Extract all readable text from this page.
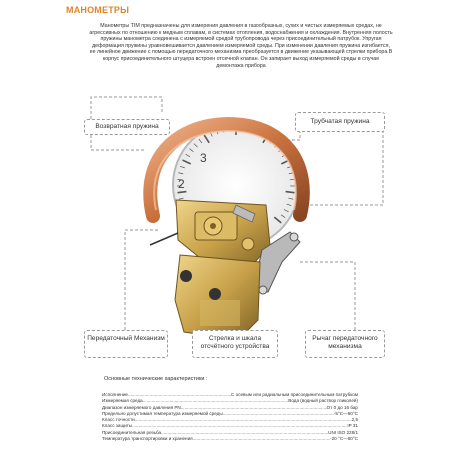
МАНОМЕТРЫ
Манометры TIM предназначены для измерения давления в газообразных, сухих и чистых измеряемых средах, не агрессивных по отношению к медным сплавам, в системах отопления, водоснабжения и охлаждения. Внутренняя полость пружины манометра соединена с измеряемой средой трубопровода через присоединительный патрубок. Упругая деформация пружины уравновешивается давлением измеряемой среды. При изменении давления пружина изгибается, ее линейное движение с помощью передаточного механизма преобразуется в движение указывающей стрелки прибора.В корпус присоединительного штуцера встроен отсечной клапан. Он запирает выход измеряемой среды в случае демонтажа прибора
2
3
Возвратная пружина
Трубчатая пружина
Передаточный Механизм	Стрелка и шкала отсчётного устройства
Рычаг передаточного механизма
Основные технические характеристики :
Исполнение .....	С осевым или радиальным присоединительным патрубком
Измеряемая среда .....	Вода (водный раствор гликолей)
Диапазон измеряемого давления PN .....	От 0 до 16 бар
Предельно допустимая температура измеряемой среды .....	-5°C—60°C
Класс точности .....	2,5
Класс защиты .....	IP 31
Присоединительная резьба .....	UNI ISO 228/1
Температура транспортировки и хранения .....	-20 °C—60°C
